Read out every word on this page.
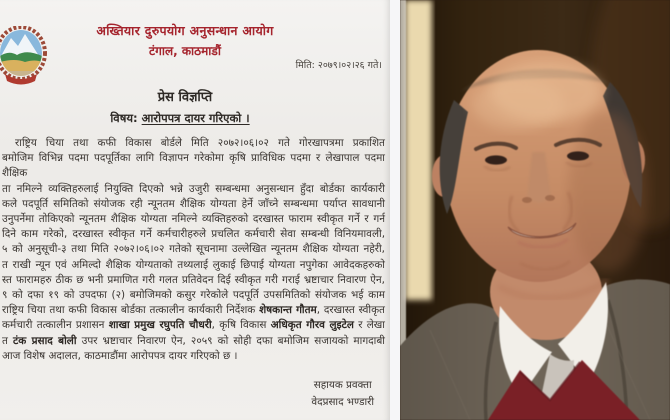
अख्तियार दुरुपयोग अनुसन्धान आयोग
टंगाल, काठमाडौं
मिति: २०७९।०२।२६ गते।
प्रेस विज्ञप्ति
विषय: आरोपपत्र दायर गरिएको ।
राष्ट्रिय चिया तथा कफी विकास बोर्डले मिति २०७२।०६।०२ गते गोरखापत्रमा प्रकाशित
बमोजिम विभिन्न पदमा पदपूर्तिका लागि विज्ञापन गरेकोमा कृषि प्राविधिक पदमा र लेखापाल पदमा शैक्षिक
ता नमिल्ने व्यक्तिहरुलाई नियुक्ति दिएको भन्ने उजुरी सम्बन्धमा अनुसन्धान हुँदा बोर्डका कार्यकारी
कले पदपूर्ति समितिको संयोजक रही न्यूनतम शैक्षिक योग्यता हेर्ने जाँच्ने सम्बन्धमा पर्याप्त सावधानी
उनुपर्नेमा तोकिएको न्यूनतम शैक्षिक योग्यता नमिल्ने व्यक्तिहरुको दरखास्त फाराम स्वीकृत गर्ने र गर्न
दिने काम गरेको, दरखास्त स्वीकृत गर्ने कर्मचारीहरुले प्रचलित कर्मचारी सेवा सम्बन्धी विनियमावली,
५ को अनुसूची-३ तथा मिति २०७२।०६।०२ गतेको सूचनामा उल्लेखित न्यूनतम शैक्षिक योग्यता नहेरी,
त राखी न्यून एवं अमिल्दो शैक्षिक योग्यताको तथ्यलाई लुकाई छिपाई योग्यता नपुगेका आवेदकहरुको
स्त फारामहरु ठीक छ भनी प्रमाणित गरी गलत प्रतिवेदन दिई स्वीकृत गरी गराई भ्रष्टाचार निवारण ऐन,
९ को दफा १९ को उपदफा (२) बमोजिमको कसुर गरेकोले पदपूर्ति उपसमितिको संयोजक भई काम
राष्ट्रिय चिया तथा कफी विकास बोर्डका तत्कालीन कार्यकारी निर्देशक शेषकान्त गौतम, दरखास्त स्वीकृत
कर्मचारी तत्कालीन प्रशासन शाखा प्रमुख रघुपति चौधरी, कृषि विकास अधिकृत गौरव लुइटेल र लेखा
त टंक प्रसाद बोली उपर भ्रष्टाचार निवारण ऐन, २०५९ को सोही दफा बमोजिम सजायको मागदाबी
आज विशेष अदालत, काठमाडौंमा आरोपपत्र दायर गरिएको छ ।
सहायक प्रवक्ता
वेदप्रसाद भण्डारी
